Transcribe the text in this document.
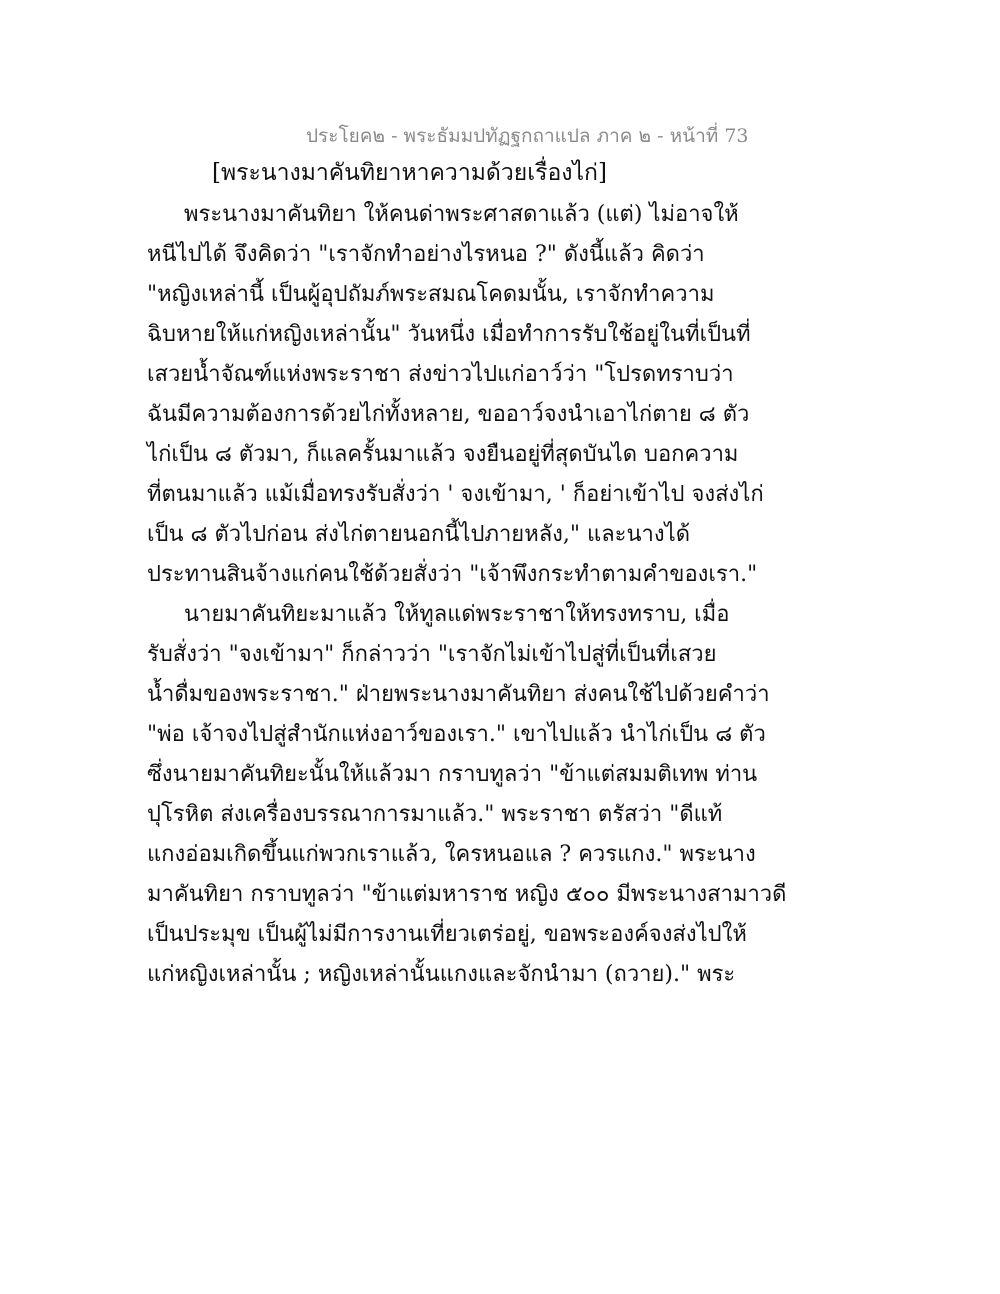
ประโยค๒ - พระธัมมปทัฏฐกถาแปล ภาค ๒ - หน้าที่ 73
[พระนางมาคันทิยาหาความด้วยเรื่องไก่]
พระนางมาคันทิยา ให้คนด่าพระศาสดาแล้ว (แต่) ไม่อาจให้
หนีไปได้ จึงคิดว่า "เราจักทำอย่างไรหนอ ?" ดังนี้แล้ว คิดว่า
"หญิงเหล่านี้ เป็นผู้อุปถัมภ์พระสมณโคดมนั้น, เราจักทำความ
ฉิบหายให้แก่หญิงเหล่านั้น" วันหนึ่ง เมื่อทำการรับใช้อยู่ในที่เป็นที่
เสวยน้ำจัณฑ์แห่งพระราชา ส่งข่าวไปแก่อาว์ว่า "โปรดทราบว่า
ฉันมีความต้องการด้วยไก่ทั้งหลาย, ขออาว์จงนำเอาไก่ตาย ๘ ตัว
ไก่เป็น ๘ ตัวมา, ก็แลครั้นมาแล้ว จงยืนอยู่ที่สุดบันได บอกความ
ที่ตนมาแล้ว แม้เมื่อทรงรับสั่งว่า ' จงเข้ามา, ' ก็อย่าเข้าไป จงส่งไก่
เป็น ๘ ตัวไปก่อน ส่งไก่ตายนอกนี้ไปภายหลัง," และนางได้
ประทานสินจ้างแก่คนใช้ด้วยสั่งว่า "เจ้าพึงกระทำตามคำของเรา."
นายมาคันทิยะมาแล้ว ให้ทูลแด่พระราชาให้ทรงทราบ, เมื่อ
รับสั่งว่า "จงเข้ามา" ก็กล่าวว่า "เราจักไม่เข้าไปสู่ที่เป็นที่เสวย
น้ำดื่มของพระราชา." ฝ่ายพระนางมาคันทิยา ส่งคนใช้ไปด้วยคำว่า
"พ่อ เจ้าจงไปสู่สำนักแห่งอาว์ของเรา." เขาไปแล้ว นำไก่เป็น ๘ ตัว
ซึ่งนายมาคันทิยะนั้นให้แล้วมา กราบทูลว่า "ข้าแต่สมมติเทพ ท่าน
ปุโรหิต ส่งเครื่องบรรณาการมาแล้ว." พระราชา ตรัสว่า "ดีแท้
แกงอ่อมเกิดขึ้นแก่พวกเราแล้ว, ใครหนอแล ? ควรแกง." พระนาง
มาคันทิยา กราบทูลว่า "ข้าแต่มหาราช หญิง ๕๐๐ มีพระนางสามาวดี
เป็นประมุข เป็นผู้ไม่มีการงานเที่ยวเตร่อยู่, ขอพระองค์จงส่งไปให้
แก่หญิงเหล่านั้น ; หญิงเหล่านั้นแกงและจักนำมา (ถวาย)." พระ
